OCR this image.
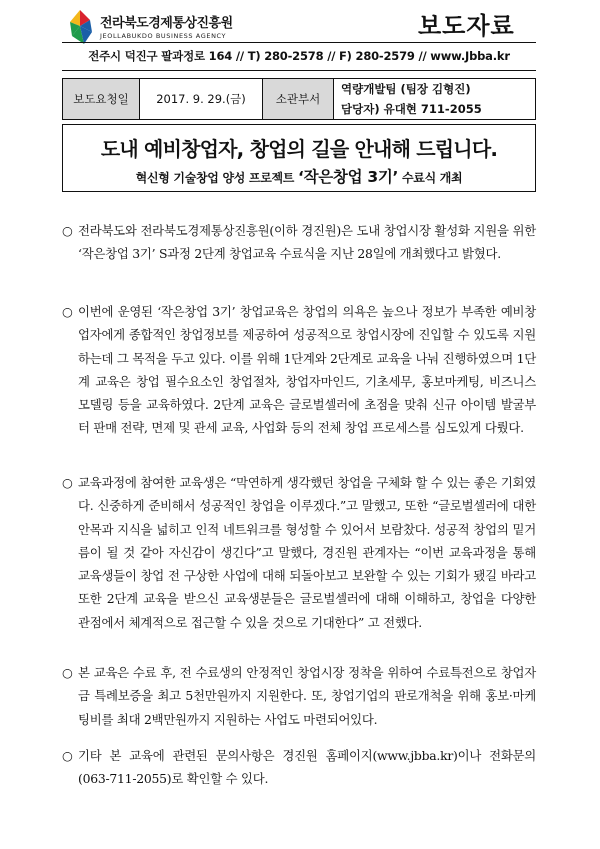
전라북도경제통상진흥원
JEOLLABUKDO BUSINESS AGENCY	보도자료
전주시 덕진구 팔과정로 164 // T) 280-2578 // F) 280-2579 // www.Jbba.kr
보도요청일	2017. 9. 29.(금)	소관부서
역량개발팀 (팀장 김형진)
담당자) 유대현 711-2055
도내 예비창업자, 창업의 길을 안내해 드립니다.
혁신형 기술창업 양성 프로젝트 ‘작은창업 3기’ 수료식 개최
○ 전라북도와 전라북도경제통상진흥원(이하 경진원)은 도내 창업시장 활성화 지원을 위한 ‘작은창업 3기’ S과정 2단계 창업교육 수료식을 지난 28일에 개최했다고 밝혔다.
○ 이번에 운영된 ‘작은창업 3기’ 창업교육은 창업의 의욕은 높으나 정보가 부족한 예비창업자에게 종합적인 창업정보를 제공하여 성공적으로 창업시장에 진입할 수 있도록 지원하는데 그 목적을 두고 있다. 이를 위해 1단계와 2단계로 교육을 나눠 진행하였으며 1단계 교육은 창업 필수요소인 창업절차, 창업자마인드, 기초세무, 홍보마케팅, 비즈니스 모델링 등을 교육하였다. 2단계 교육은 글로벌셀러에 초점을 맞춰 신규 아이템 발굴부터 판매 전략, 면제 및 관세 교육, 사업화 등의 전체 창업 프로세스를 심도있게 다뤘다.
○ 교육과정에 참여한 교육생은 “막연하게 생각했던 창업을 구체화 할 수 있는 좋은 기회였다. 신중하게 준비해서 성공적인 창업을 이루겠다.”고 말했고, 또한 “글로벌셀러에 대한 안목과 지식을 넓히고 인적 네트워크를 형성할 수 있어서 보람찼다. 성공적 창업의 밑거름이 될 것 같아 자신감이 생긴다”고 말했다, 경진원 관계자는 “이번 교육과정을 통해 교육생들이 창업 전 구상한 사업에 대해 되돌아보고 보완할 수 있는 기회가 됐길 바라고 또한 2단계 교육을 받으신 교육생분들은 글로벌셀러에 대해 이해하고, 창업을 다양한 관점에서 체계적으로 접근할 수 있을 것으로 기대한다” 고 전했다.
○ 본 교육은 수료 후, 전 수료생의 안정적인 창업시장 정착을 위하여 수료특전으로 창업자금 특례보증을 최고 5천만원까지 지원한다. 또, 창업기업의 판로개척을 위해 홍보·마케팅비를 최대 2백만원까지 지원하는 사업도 마련되어있다.
○ 기타 본 교육에 관련된 문의사항은 경진원 홈페이지(www.jbba.kr)이나 전화문의(063-711-2055)로 확인할 수 있다.
